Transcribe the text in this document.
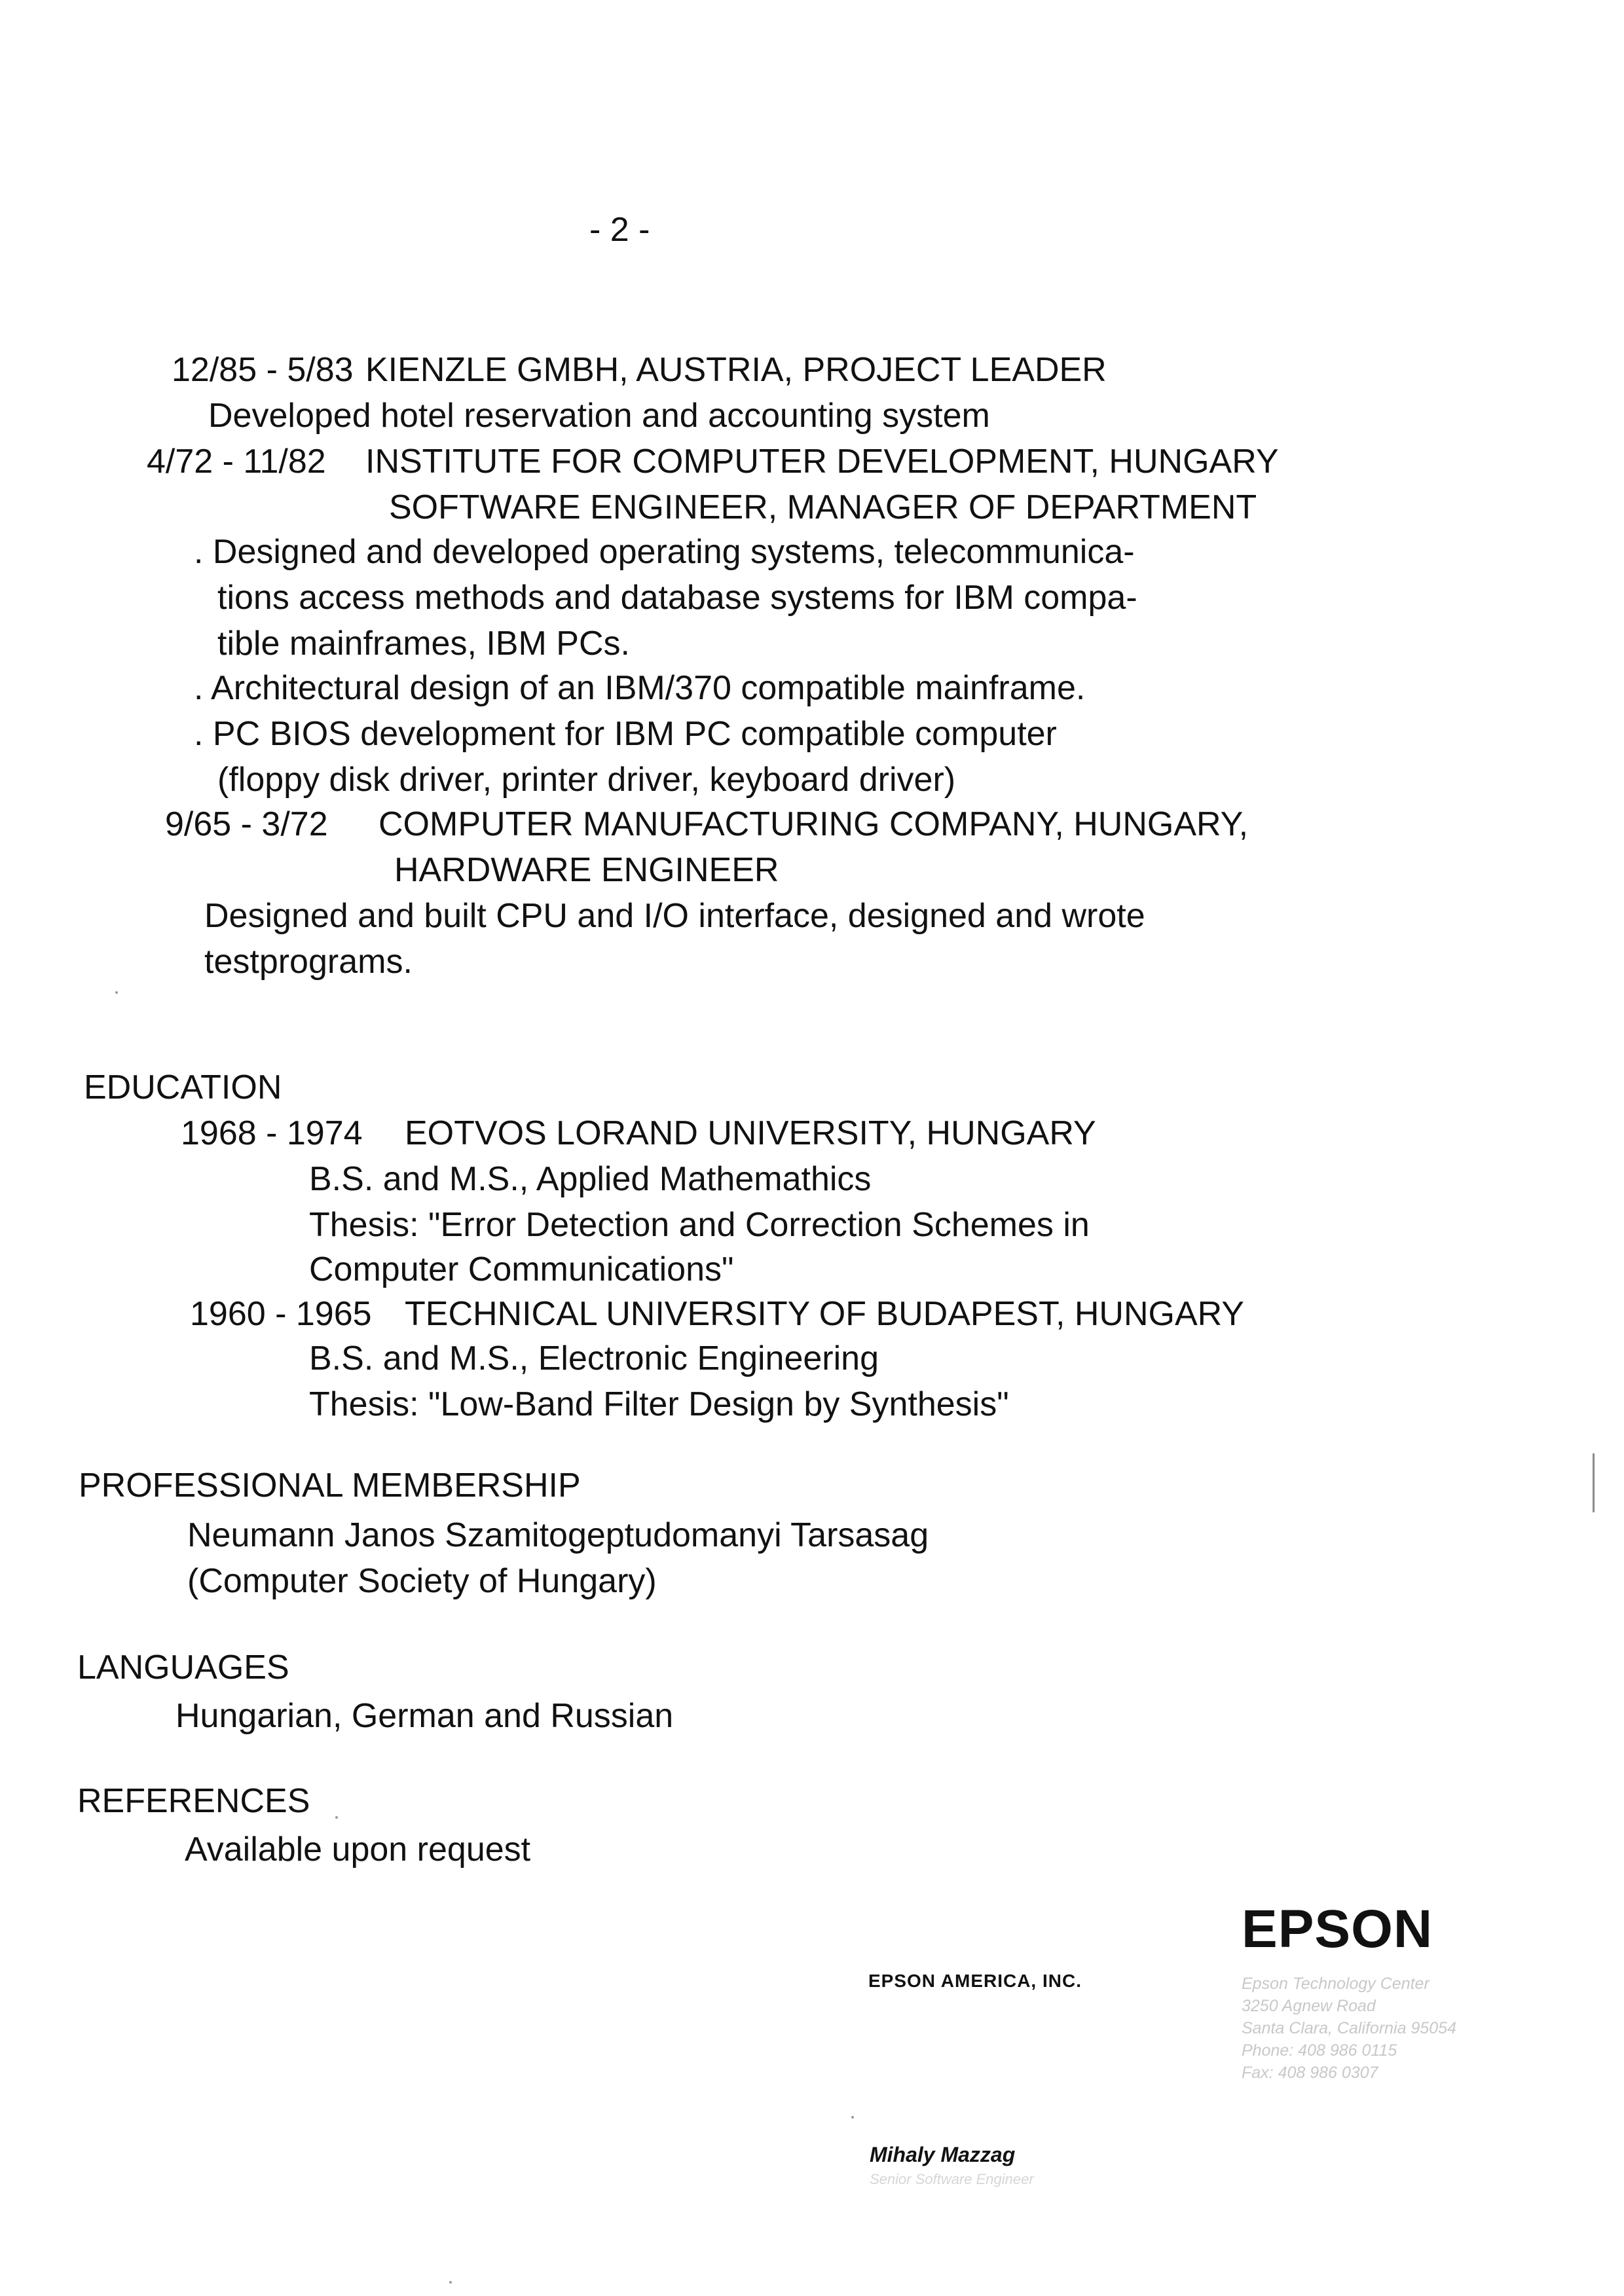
- 2 -
12/85 - 5/83 KIENZLE GMBH, AUSTRIA, PROJECT LEADER
Developed hotel reservation and accounting system
4/72 - 11/82 INSTITUTE FOR COMPUTER DEVELOPMENT, HUNGARY
SOFTWARE ENGINEER, MANAGER OF DEPARTMENT
. Designed and developed operating systems, telecommunica-
tions access methods and database systems for IBM compa-
tible mainframes, IBM PCs.
. Architectural design of an IBM/370 compatible mainframe.
. PC BIOS development for IBM PC compatible computer
(floppy disk driver, printer driver, keyboard driver)
9/65 - 3/72 COMPUTER MANUFACTURING COMPANY, HUNGARY,
HARDWARE ENGINEER
Designed and built CPU and I/O interface, designed and wrote
testprograms.
EDUCATION
1968 - 1974 EOTVOS LORAND UNIVERSITY, HUNGARY
B.S. and M.S., Applied Mathemathics
Thesis: "Error Detection and Correction Schemes in
Computer Communications"
1960 - 1965 TECHNICAL UNIVERSITY OF BUDAPEST, HUNGARY
B.S. and M.S., Electronic Engineering
Thesis: "Low-Band Filter Design by Synthesis"
PROFESSIONAL MEMBERSHIP
Neumann Janos Szamitogeptudomanyi Tarsasag
(Computer Society of Hungary)
LANGUAGES
Hungarian, German and Russian
REFERENCES
Available upon request
EPSON
EPSON AMERICA, INC.	Epson Technology Center
3250 Agnew Road
Santa Clara, California 95054
Phone: 408 986 0115
Fax: 408 986 0307
Mihaly Mazzag
Senior Software Engineer
